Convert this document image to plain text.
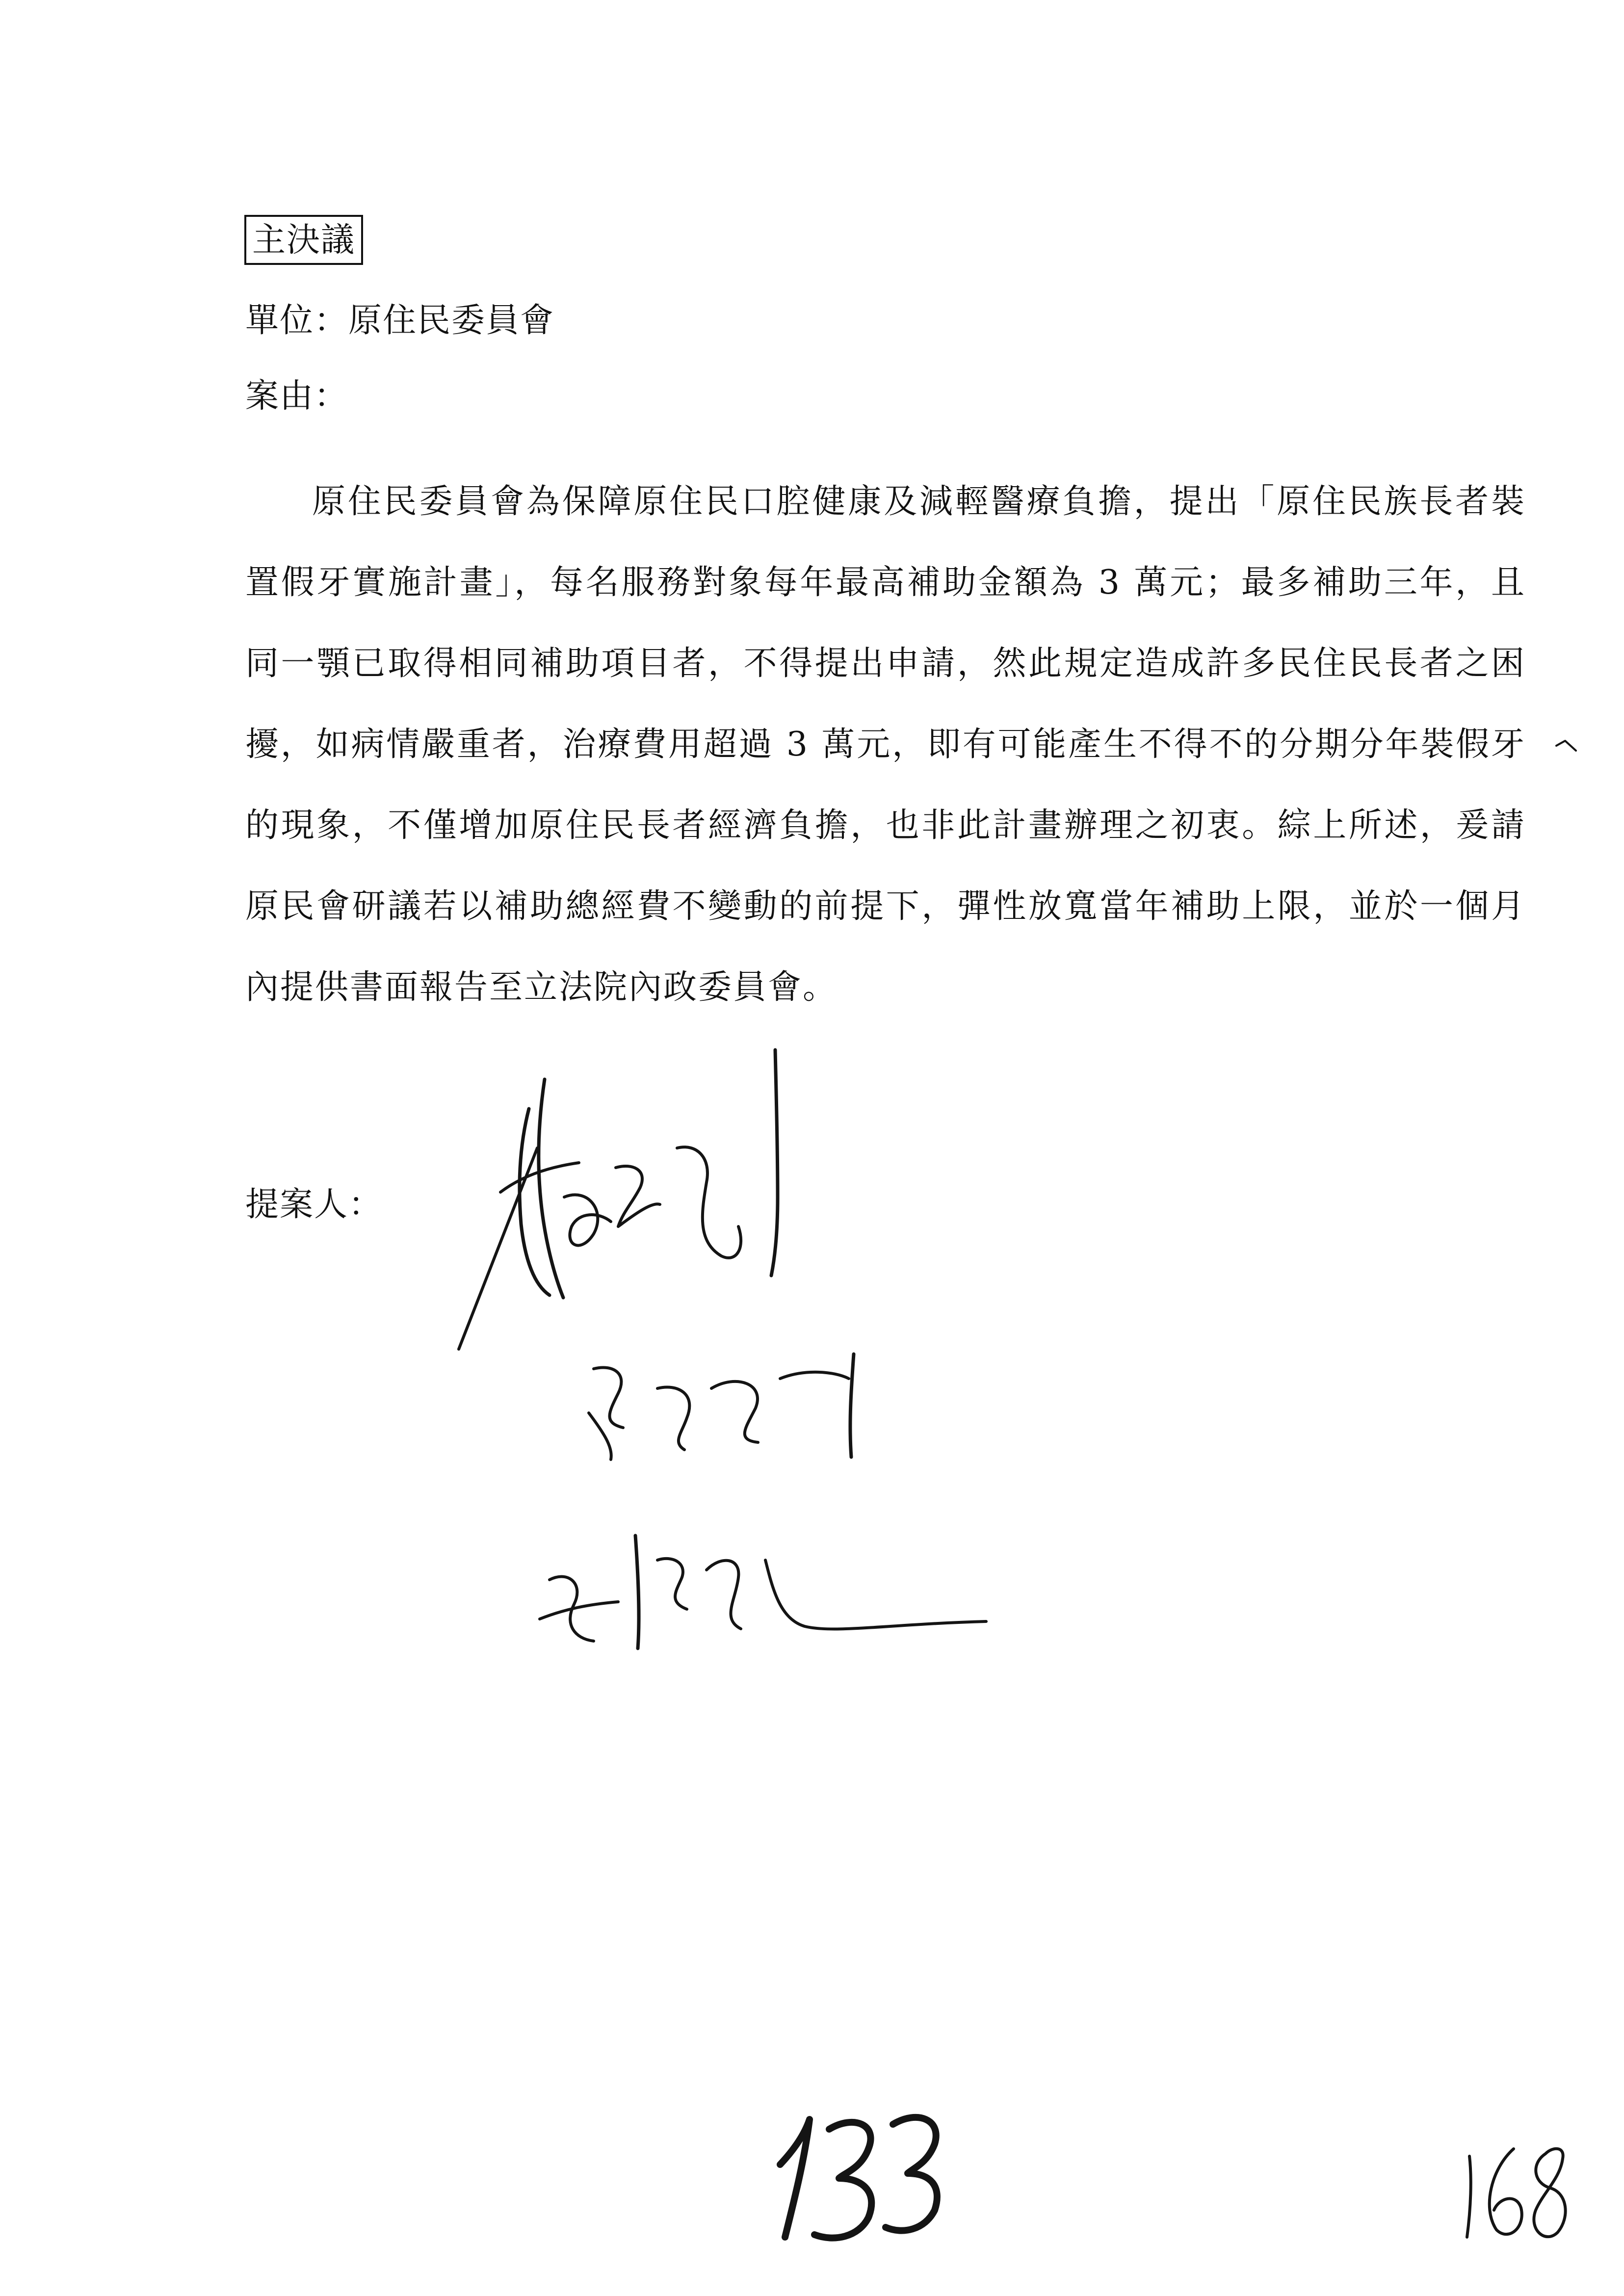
主決議
單位：原住民委員會
案由：

原住民委員會為保障原住民口腔健康及減輕醫療負擔，提出「原住民族長者裝置假牙實施計畫」，每名服務對象每年最高補助金額為 3 萬元；最多補助三年，且同一顎已取得相同補助項目者，不得提出申請，然此規定造成許多民住民長者之困擾，如病情嚴重者，治療費用超過 3 萬元，即有可能產生不得不的分期分年裝假牙的現象，不僅增加原住民長者經濟負擔，也非此計畫辦理之初衷。綜上所述，爰請原民會研議若以補助總經費不變動的前提下，彈性放寬當年補助上限，並於一個月內提供書面報告至立法院內政委員會。

提案人：
